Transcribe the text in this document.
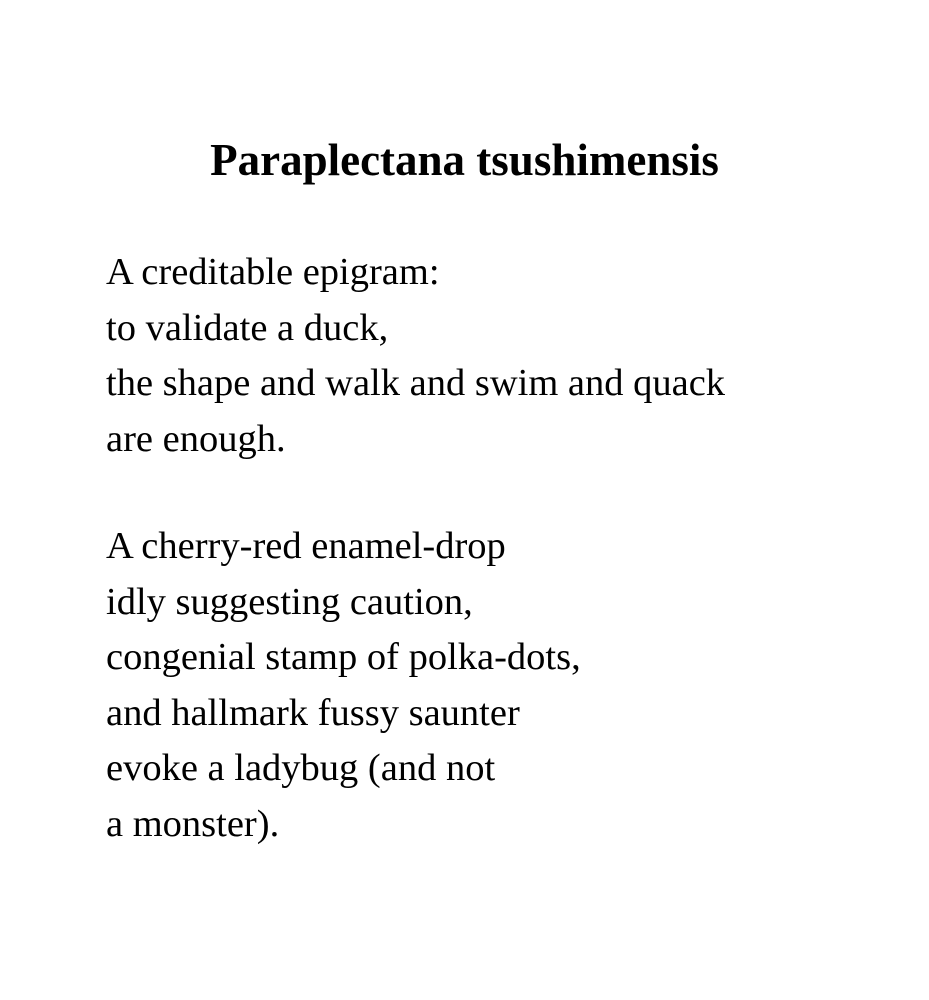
Paraplectana tsushimensis
A creditable epigram:
to validate a duck,
the shape and walk and swim and quack
are enough.
A cherry-red enamel-drop
idly suggesting caution,
congenial stamp of polka-dots,
and hallmark fussy saunter
evoke a ladybug (and not
a monster).
